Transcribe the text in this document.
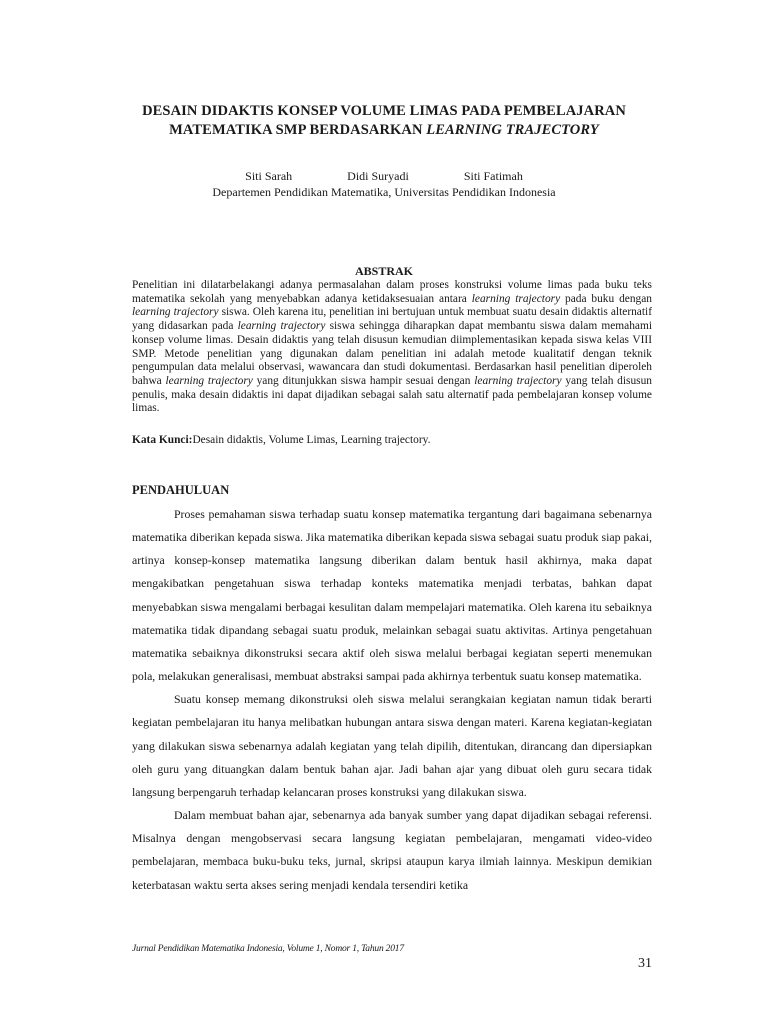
DESAIN DIDAKTIS KONSEP VOLUME LIMAS PADA PEMBELAJARAN
MATEMATIKA SMP BERDASARKAN LEARNING TRAJECTORY
Siti Sarah	Didi Suryadi	Siti Fatimah
Departemen Pendidikan Matematika, Universitas Pendidikan Indonesia
ABSTRAK
Penelitian ini dilatarbelakangi adanya permasalahan dalam proses konstruksi volume limas pada buku teks matematika sekolah yang menyebabkan adanya ketidaksesuaian antara learning trajectory pada buku dengan learning trajectory siswa. Oleh karena itu, penelitian ini bertujuan untuk membuat suatu desain didaktis alternatif yang didasarkan pada learning trajectory siswa sehingga diharapkan dapat membantu siswa dalam memahami konsep volume limas. Desain didaktis yang telah disusun kemudian diimplementasikan kepada siswa kelas VIII SMP. Metode penelitian yang digunakan dalam penelitian ini adalah metode kualitatif dengan teknik pengumpulan data melalui observasi, wawancara dan studi dokumentasi. Berdasarkan hasil penelitian diperoleh bahwa learning trajectory yang ditunjukkan siswa hampir sesuai dengan learning trajectory yang telah disusun penulis, maka desain didaktis ini dapat dijadikan sebagai salah satu alternatif pada pembelajaran konsep volume limas.
Kata Kunci:Desain didaktis, Volume Limas, Learning trajectory.
PENDAHULUAN

Proses pemahaman siswa terhadap suatu konsep matematika tergantung dari bagaimana sebenarnya matematika diberikan kepada siswa. Jika matematika diberikan kepada siswa sebagai suatu produk siap pakai, artinya konsep-konsep matematika langsung diberikan dalam bentuk hasil akhirnya, maka dapat mengakibatkan pengetahuan siswa terhadap konteks matematika menjadi terbatas, bahkan dapat menyebabkan siswa mengalami berbagai kesulitan dalam mempelajari matematika. Oleh karena itu sebaiknya matematika tidak dipandang sebagai suatu produk, melainkan sebagai suatu aktivitas. Artinya pengetahuan matematika sebaiknya dikonstruksi secara aktif oleh siswa melalui berbagai kegiatan seperti menemukan pola, melakukan generalisasi, membuat abstraksi sampai pada akhirnya terbentuk suatu konsep matematika.

Suatu konsep memang dikonstruksi oleh siswa melalui serangkaian kegiatan namun tidak berarti kegiatan pembelajaran itu hanya melibatkan hubungan antara siswa dengan materi. Karena kegiatan-kegiatan yang dilakukan siswa sebenarnya adalah kegiatan yang telah dipilih, ditentukan, dirancang dan dipersiapkan oleh guru yang dituangkan dalam bentuk bahan ajar. Jadi bahan ajar yang dibuat oleh guru secara tidak langsung berpengaruh terhadap kelancaran proses konstruksi yang dilakukan siswa.

Dalam membuat bahan ajar, sebenarnya ada banyak sumber yang dapat dijadikan sebagai referensi. Misalnya dengan mengobservasi secara langsung kegiatan pembelajaran, mengamati video-video pembelajaran, membaca buku-buku teks, jurnal, skripsi ataupun karya ilmiah lainnya. Meskipun demikian keterbatasan waktu serta akses sering menjadi kendala tersendiri ketika

Jurnal Pendidikan Matematika Indonesia, Volume 1, Nomor 1, Tahun 2017
31
